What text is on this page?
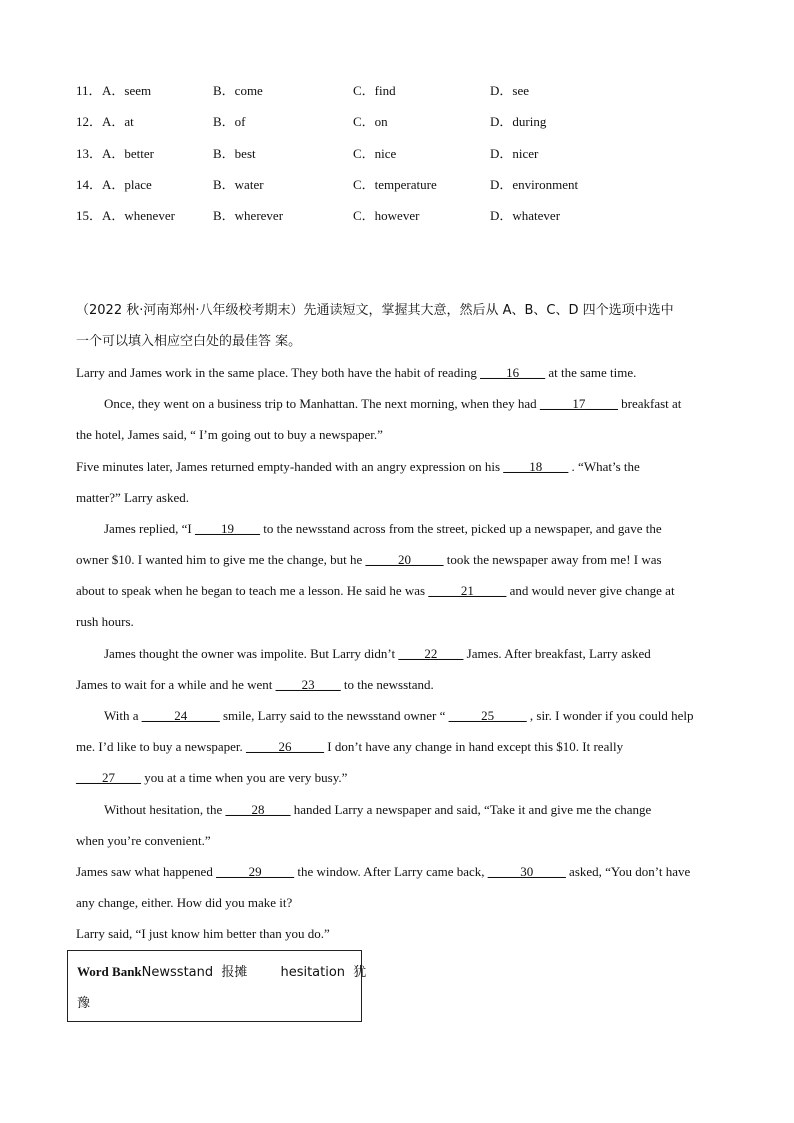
11． A．seem	B．come	C．find	D．see
12． A．at	B．of	C．on	D．during
13． A．better	B．best	C．nice	D．nicer
14． A．place	B．water	C．temperature	D．environment
15． A．whenever	B．wherever	C．however	D．whatever
（2022 秋·河南郑州·八年级校考期末）先通读短文，掌握其大意，然后从 A、B、C、D 四个选项中选中
一个可以填入相应空白处的最佳答 案。
Larry and James work in the same place. They both have the habit of reading ____16____ at the same time.
Once, they went on a business trip to Manhattan. The next morning, when they had _____17_____ breakfast at
the hotel, James said, “ I’m going out to buy a newspaper.”
Five minutes later, James returned empty-handed with an angry expression on his ____18____ . “What’s the
matter?” Larry asked.
James replied, “I ____19____ to the newsstand across from the street, picked up a newspaper, and gave the
owner $10. I wanted him to give me the change, but he _____20_____ took the newspaper away from me! I was
about to speak when he began to teach me a lesson. He said he was _____21_____ and would never give change at
rush hours.
James thought the owner was impolite. But Larry didn’t ____22____ James. After breakfast, Larry asked
James to wait for a while and he went ____23____ to the newsstand.
With a _____24_____ smile, Larry said to the newsstand owner “ _____25_____ , sir. I wonder if you could help
me. I’d like to buy a newspaper. _____26_____ I don’t have any change in hand except this $10. It really
____27____ you at a time when you are very busy.”
Without hesitation, the ____28____ handed Larry a newspaper and said, “Take it and give me the change
when you’re convenient.”
James saw what happened _____29_____ the window. After Larry came back, _____30_____ asked, “You don’t have
any change, either. How did you make it?
Larry said, “I just know him better than you do.”
Word BankNewsstand  报摊        hesitation  犹
豫
